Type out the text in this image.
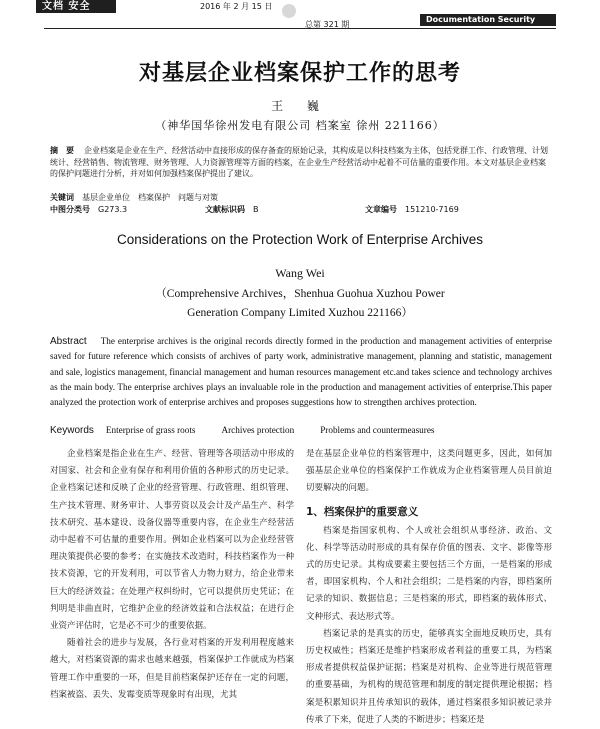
文档 安全	2016 年 2 月 15 日
总第 321 期
Documentation Security
对基层企业档案保护工作的思考
王 巍
（神华国华徐州发电有限公司 档案室 徐州 221166）
摘　要 企业档案是企业在生产、经营活动中直接形成的保存备查的原始记录，其构成是以科技档案为主体，包括党群工作、行政管理、计划统计、经营销售、物流管理、财务管理、人力资源管理等方面的档案，在企业生产经营活动中起着不可估量的重要作用。本文对基层企业档案的保护问题进行分析，并对如何加强档案保护提出了建议。
关键词　 基层企业单位　档案保护　问题与对策
中图分类号　 G273.3	文献标识码　 B	文章编号　 151210-7169
Considerations on the Protection Work of Enterprise Archives
Wang Wei
（Comprehensive Archives，Shenhua Guohua Xuzhou Power
Generation Company Limited Xuzhou 221166）
Abstract The enterprise archives is the original records directly formed in the production and management activities of enterprise saved for future reference which consists of archives of party work, administrative management, planning and statistic, management and sale, logistics management, financial management and human resources management etc.and takes science and technology archives as the main body. The enterprise archives plays an invaluable role in the production and management activities of enterprise.This paper analyzed the protection work of enterprise archives and proposes suggestions how to strengthen archives protection.
Keywords Enterprise of grass roots	Archives protection	Problems and countermeasures

企业档案是指企业在生产、经营、管理等各项活动中形成的对国家、社会和企业有保存和利用价值的各种形式的历史记录。企业档案记述和反映了企业的经营管理、行政管理、组织管理、生产技术管理、财务审计、人事劳资以及会计及产品生产、科学技术研究、基本建设、设备仪器等重要内容，在企业生产经营活动中起着不可估量的重要作用。例如企业档案可以为企业经营管理决策提供必要的参考；在实施技术改造时，科技档案作为一种技术资源，它的开发利用，可以节省人力物力财力，给企业带来巨大的经济效益；在处理产权纠纷时，它可以提供历史凭证；在判明是非曲直时，它维护企业的经济效益和合法权益；在进行企业资产评估时，它是必不可少的重要依据。

随着社会的进步与发展，各行业对档案的开发利用程度越来越大，对档案资源的需求也越来越强，档案保护工作就成为档案管理工作中重要的一环，但是目前档案保护还存在一定的问题，档案被盗、丢失、发霉变质等现象时有出现，尤其

是在基层企业单位的档案管理中，这类问题更多，因此，如何加强基层企业单位的档案保护工作就成为企业档案管理人员目前迫切要解决的问题。

1、档案保护的重要意义

档案是指国家机构、个人或社会组织从事经济、政治、文化、科学等活动时形成的具有保存价值的图表、文字、影像等形式的历史记录。其构成要素主要包括三个方面，一是档案的形成者，即国家机构、个人和社会组织；二是档案的内容，即档案所记录的知识、数据信息；三是档案的形式，即档案的载体形式、文种形式、表达形式等。

档案记录的是真实的历史，能够真实全面地反映历史，具有历史权威性；档案还是维护档案形成者利益的重要工具，为档案形成者提供权益保护证据；档案是对机构、企业等进行规范管理的重要基础，为机构的规范管理和制度的制定提供理论根据；档案是积累知识并且传承知识的载体，通过档案很多知识被记录并传承了下来，促进了人类的不断进步；档案还是
